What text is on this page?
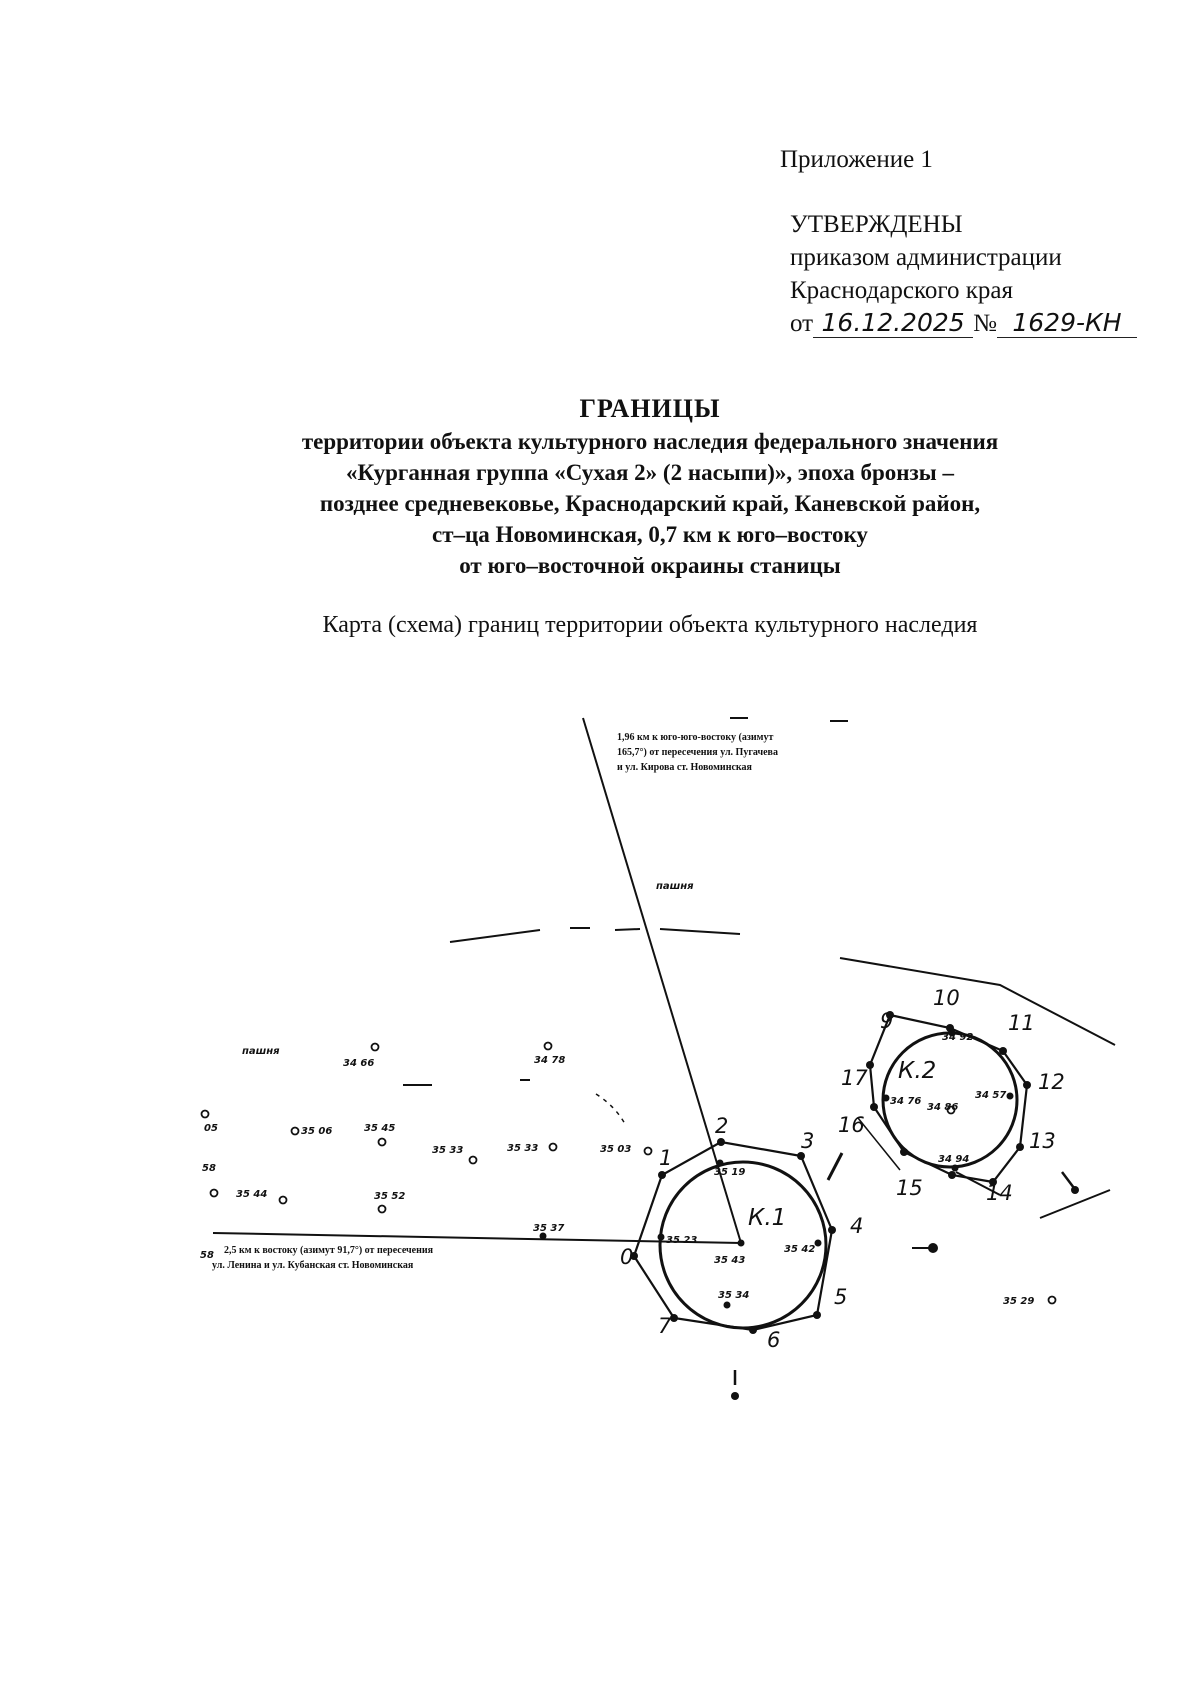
Приложение 1
УТВЕРЖДЕНЫ
приказом администрации
Краснодарского края
от 16.12.2025 № 1629-КН
ГРАНИЦЫ
территории объекта культурного наследия федерального значения
«Курганная группа «Сухая 2» (2 насыпи)», эпоха бронзы –
позднее средневековье, Краснодарский край, Каневской район,
ст–ца Новоминская, 0,7 км к юго–востоку
от юго–восточной окраины станицы
Карта (схема) границ территории объекта культурного наследия
1,96 км к юго-юго-востоку (азимут
165,7°) от пересечения ул. Пугачева
и ул. Кирова ст. Новоминская
2,5 км к востоку (азимут 91,7°) от пересечения
ул. Ленина и ул. Кубанская ст. Новоминская
пашня
пашня
К.1
К.2
0
1
2
3
4
5
6
7
9
10
11
12
13
14
15
16
17
35 19
35 23
35 43
35 42
35 34
34 92
34 76
34 86
34 57
34 94
34 66	34 78
35 06	35 45
35 33	35 33	35 03
35 44	35 52
35 37
35 29
05
58
58
